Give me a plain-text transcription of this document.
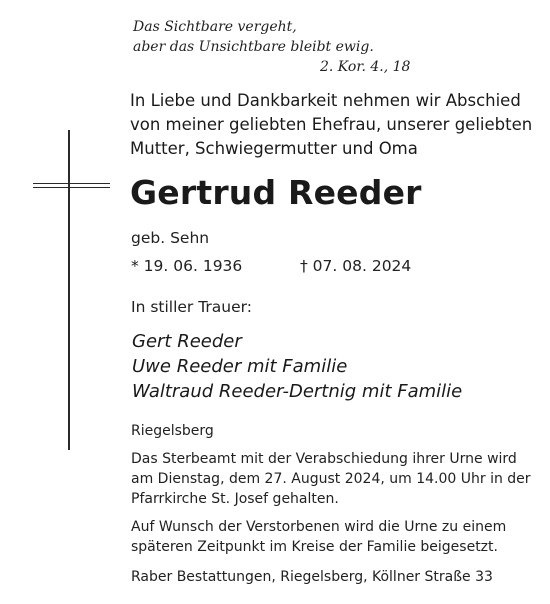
Das Sichtbare vergeht,
aber das Unsichtbare bleibt ewig.
2. Kor. 4., 18
In Liebe und Dankbarkeit nehmen wir Abschied
von meiner geliebten Ehefrau, unserer geliebten
Mutter, Schwiegermutter und Oma
Gertrud Reeder
geb. Sehn
* 19. 06. 1936	† 07. 08. 2024
In stiller Trauer:
Gert Reeder
Uwe Reeder mit Familie
Waltraud Reeder-Dertnig mit Familie
Riegelsberg
Das Sterbeamt mit der Verabschiedung ihrer Urne wird
am Dienstag, dem 27. August 2024, um 14.00 Uhr in der
Pfarrkirche St. Josef gehalten.
Auf Wunsch der Verstorbenen wird die Urne zu einem
späteren Zeitpunkt im Kreise der Familie beigesetzt.
Raber Bestattungen, Riegelsberg, Köllner Straße 33
